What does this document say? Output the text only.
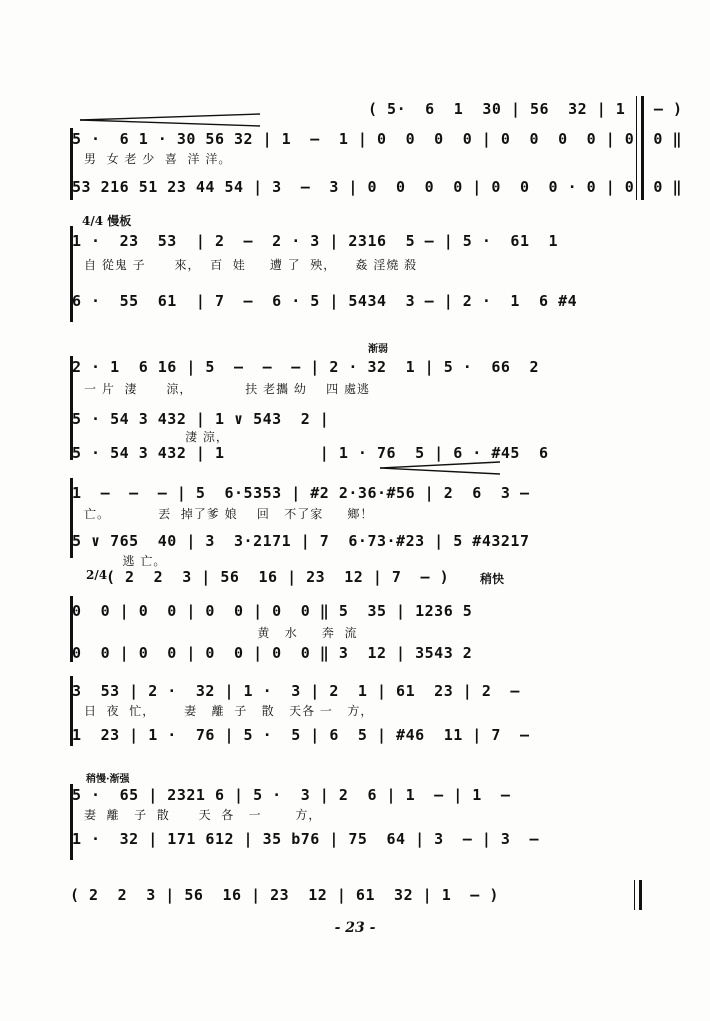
( 5·  6  1  30 | 56  32 | 1   — )
5 ·  6 1 · 30 56 32 | 1  —  1 | 0  0  0  0 | 0  0  0  0 | 0  0 ‖
男  女 老 少  喜  洋 洋。
53 216 51 23 44 54 | 3  —  3 | 0  0  0  0 | 0  0  0 · 0 | 0  0 ‖
4/4 慢板
1 ·  23  53  | 2  —  2 · 3 | 2316  5 — | 5 ·  61  1
自 從鬼 子      來，  百  娃     遭 了  殃，    姦 淫燒 殺
6 ·  55  61  | 7  —  6 · 5 | 5434  3 — | 2 ·  1  6 #4
渐弱
2 · 1  6 16 | 5  —  —  — | 2 · 32  1 | 5 ·  66  2
一 片  淒      涼，           扶 老攜 幼    四 處逃
5 · 54 3 432 | 1 ∨ 543  2 |
淒 涼，
5 · 54 3 432 | 1          | 1 · 76  5 | 6 · #45  6
1  —  —  — | 5  6·5353 | #2 2·36·#56 | 2  6  3 —
亡。          丟  掉了爹 娘    回   不了家     鄉！
5 ∨ 765  40 | 3  3·2171 | 7  6·73·#23 | 5 #43217
逃 亡。
2/4
( 2  2  3 | 56  16 | 23  12 | 7  — )	稍快
0  0 | 0  0 | 0  0 | 0  0 ‖ 5  35 | 1236 5
黄   水     奔  流
0  0 | 0  0 | 0  0 | 0  0 ‖ 3  12 | 3543 2
3  53 | 2 ·  32 | 1 ·  3 | 2  1 | 61  23 | 2  —
日  夜  忙，      妻   離  子   散   天各 一   方，
1  23 | 1 ·  76 | 5 ·  5 | 6  5 | #46  11 | 7  —
稍慢·渐强
5 ·  65 | 2321 6 | 5 ·  3 | 2  6 | 1  — | 1  —
妻  離   子  散      天  各   一       方，
1 ·  32 | 171 612 | 35 b76 | 75  64 | 3  — | 3  —
( 2  2  3 | 56  16 | 23  12 | 61  32 | 1  — )
- 23 -
